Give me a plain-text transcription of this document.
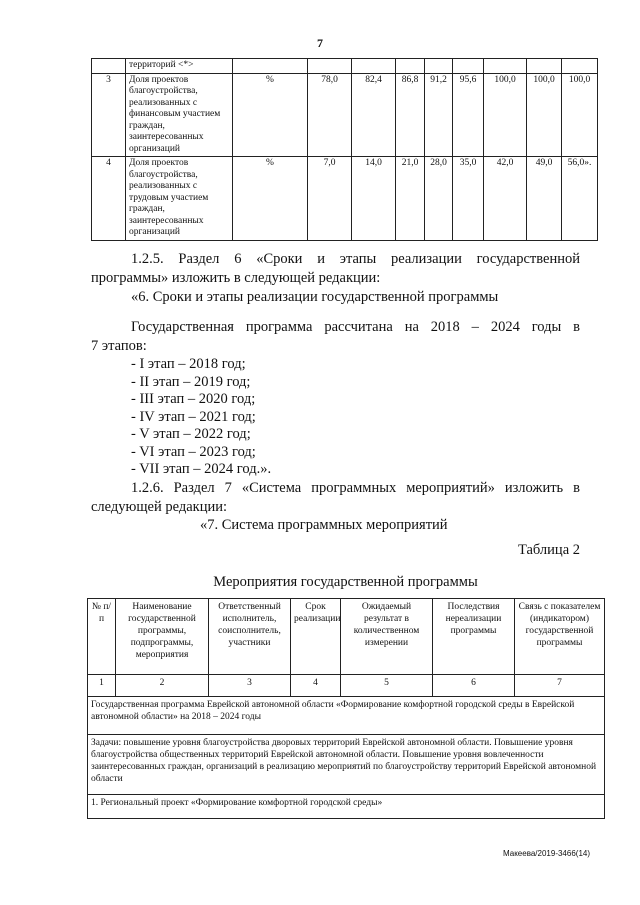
7
	территорий <*>									
3	Доля проектов благоустройства, реализованных с финансовым участием граждан, заинтересованных организаций	%	78,0	82,4	86,8	91,2	95,6	100,0	100,0	100,0
4	Доля проектов благоустройства, реализованных с трудовым участием граждан, заинтересованных организаций	%	7,0	14,0	21,0	28,0	35,0	42,0	49,0	56,0».
1.2.5. Раздел 6 «Сроки и этапы реализации государственной
программы» изложить в следующей редакции:
«6. Сроки и этапы реализации государственной программы
Государственная программа рассчитана на 2018 – 2024 годы в
7 этапов:
- I этап – 2018 год;
- II этап – 2019 год;
- III этап – 2020 год;
- IV этап – 2021 год;
- V этап – 2022 год;
- VI этап – 2023 год;
- VII этап – 2024 год.».
1.2.6. Раздел 7 «Система программных мероприятий» изложить в
следующей редакции:
«7. Система программных мероприятий
Таблица 2
Мероприятия государственной программы
№ п/п	Наименование государственной программы, подпрограммы, мероприятия	Ответственный исполнитель, соисполнитель, участники	Срок реализации	Ожидаемый результат в количественном измерении	Последствия нереализации программы	Связь с показателем (индикатором) государственной программы
1	2	3	4	5	6	7
Государственная программа Еврейской автономной области «Формирование комфортной городской среды в Еврейской автономной области» на 2018 – 2024 годы						
Задачи: повышение уровня благоустройства дворовых территорий Еврейской автономной области. Повышение уровня благоустройства общественных территорий Еврейской автономной области. Повышение уровня вовлеченности заинтересованных граждан, организаций в реализацию мероприятий по благоустройству территорий Еврейской автономной области						
1. Региональный проект «Формирование комфортной городской среды»						
Макеева/2019-3466(14)
